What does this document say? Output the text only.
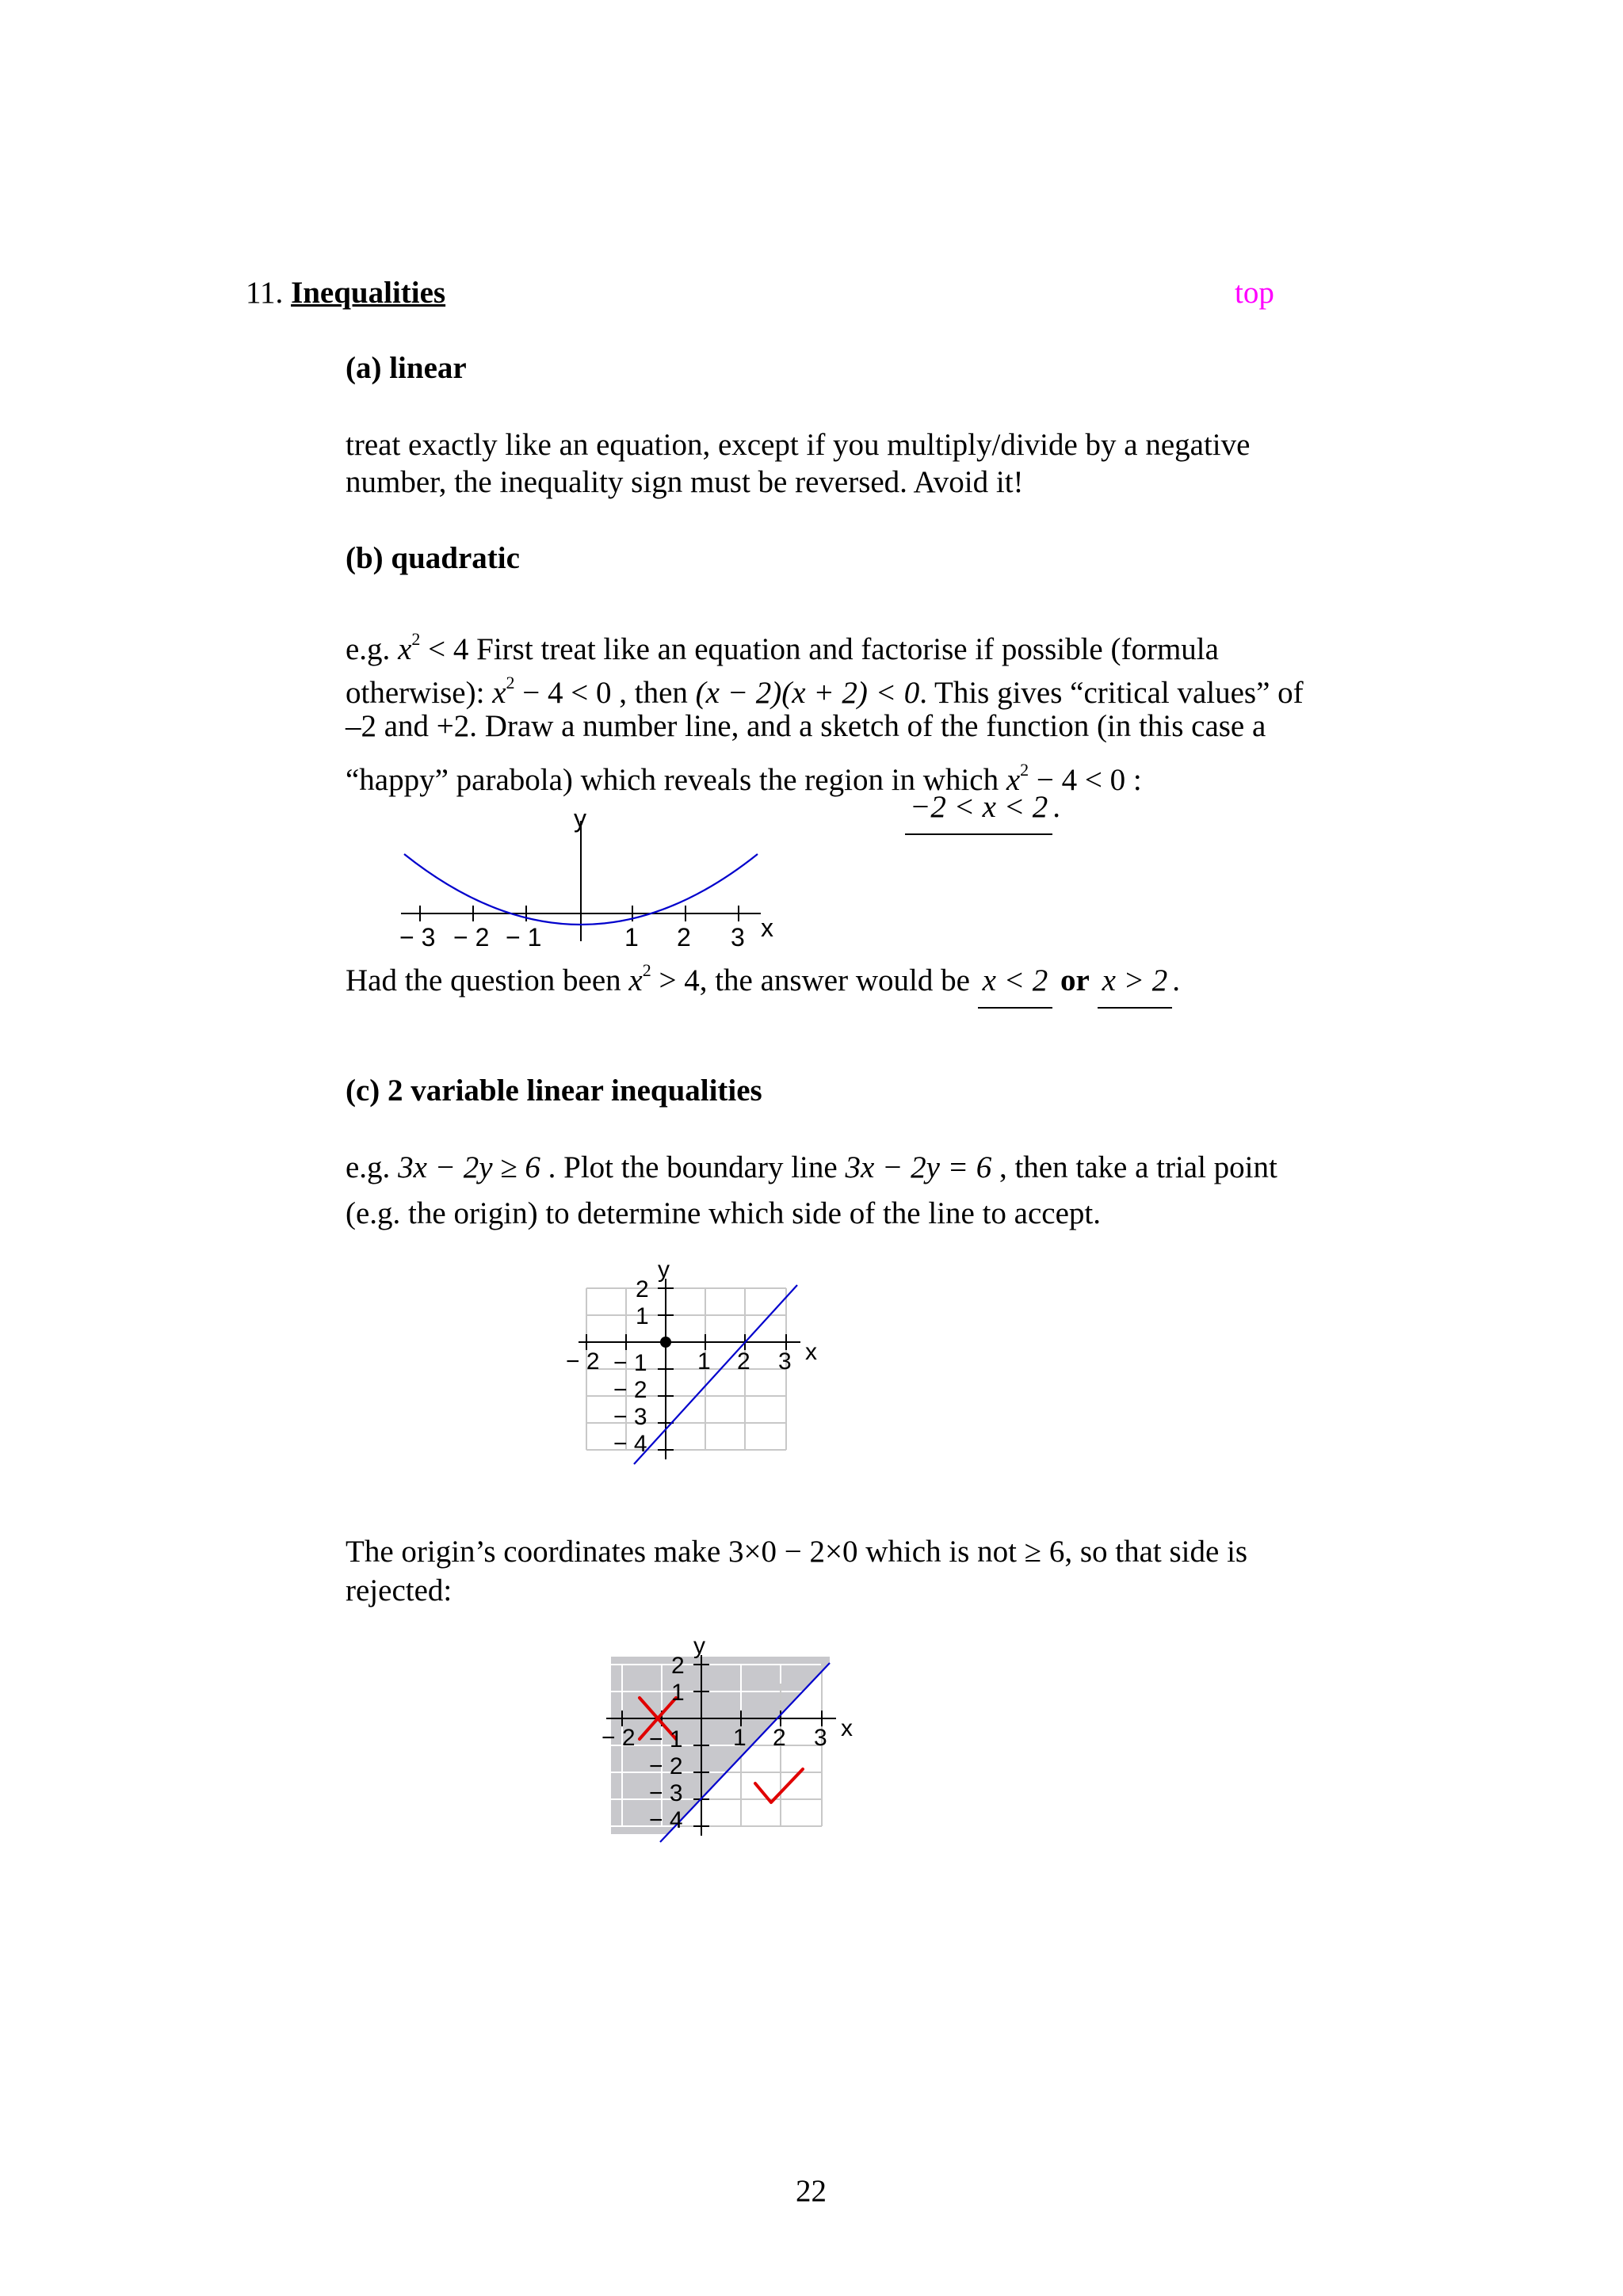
11. Inequalities	top
(a) linear
treat exactly like an equation, except if you multiply/divide by a negative
number, the inequality sign must be reversed. Avoid it!
(b) quadratic
e.g. $x^2 < 4$ First treat like an equation and factorise if possible (formula
otherwise): $x^2 - 4 < 0$ , then (x − 2)(x + 2) < 0. This gives “critical values” of
–2 and +2. Draw a number line, and a sketch of the function (in this case a
“happy” parabola) which reveals the region in which $x^2 - 4 < 0$ :
−2 < x < 2 .
y
x
− 3 − 2 − 1	1 2 3
Had the question been $x^2 > 4$, the answer would be x < 2 or x > 2 .
(c) 2 variable linear inequalities
e.g. 3x − 2y ≥ 6 . Plot the boundary line 3x − 2y = 6 , then take a trial point
(e.g. the origin) to determine which side of the line to accept.
y
x
2
1
− 1
− 2
− 3
− 4
− 2	1 2 3
The origin’s coordinates make 3×0 − 2×0 which is not ≥ 6, so that side is
rejected:
y
x
2
1
− 1
− 2
− 3
− 4
− 2	1 2 3
22
